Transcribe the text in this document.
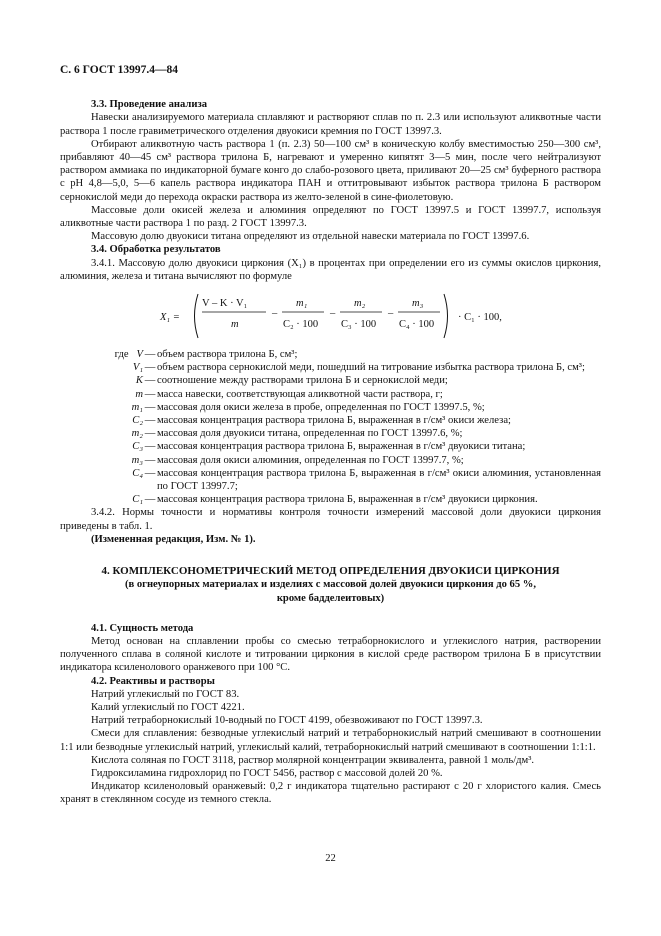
С. 6 ГОСТ 13997.4—84

3.3. Проведение анализа

Навески анализируемого материала сплавляют и растворяют сплав по п. 2.3 или используют аликвотные части раствора 1 после гравиметрического отделения двуокиси кремния по ГОСТ 13997.3.

Отбирают аликвотную часть раствора 1 (п. 2.3) 50—100 см³ в коническую колбу вместимостью 250—300 см³, прибавляют 40—45 см³ раствора трилона Б, нагревают и умеренно кипятят 3—5 мин, после чего нейтрализуют раствором аммиака по индикаторной бумаге конго до слабо-розового цвета, приливают 20—25 см³ буферного раствора с рН 4,8—5,0, 5—6 капель раствора индикатора ПАН и оттитровывают избыток раствора трилона Б раствором сернокислой меди до перехода окраски раствора из желто-зеленой в сине-фиолетовую.

Массовые доли окисей железа и алюминия определяют по ГОСТ 13997.5 и ГОСТ 13997.7, используя аликвотные части раствора 1 по разд. 2 ГОСТ 13997.3.

Массовую долю двуокиси титана определяют из отдельной навески материала по ГОСТ 13997.6.

3.4. Обработка результатов

3.4.1. Массовую долю двуокиси циркония (X₁) в процентах при определении его из суммы окислов циркония, алюминия, железа и титана вычисляют по формуле

X₁ =
V – K · V₁
m
–
m₁
C₂ · 100
–
m₂
C₃ · 100
–
m₃
C₄ · 100
· C₁ · 100,
где V — объем раствора трилона Б, см³;
V₁ — объем раствора сернокислой меди, пошедший на титрование избытка раствора трилона Б, см³;
K — соотношение между растворами трилона Б и сернокислой меди;
m — масса навески, соответствующая аликвотной части раствора, г;
m₁ — массовая доля окиси железа в пробе, определенная по ГОСТ 13997.5, %;
C₂ — массовая концентрация раствора трилона Б, выраженная в г/см³ окиси железа;
m₂ — массовая доля двуокиси титана, определенная по ГОСТ 13997.6, %;
C₃ — массовая концентрация раствора трилона Б, выраженная в г/см³ двуокиси титана;
m₃ — массовая доля окиси алюминия, определенная по ГОСТ 13997.7, %;
C₄ — массовая концентрация раствора трилона Б, выраженная в г/см³ окиси алюминия, установленная по ГОСТ 13997.7;
C₁ — массовая концентрация раствора трилона Б, выраженная в г/см³ двуокиси циркония.

3.4.2. Нормы точности и нормативы контроля точности измерений массовой доли двуокиси циркония приведены в табл. 1.

(Измененная редакция, Изм. № 1).

4. КОМПЛЕКСОНОМЕТРИЧЕСКИЙ МЕТОД ОПРЕДЕЛЕНИЯ ДВУОКИСИ ЦИРКОНИЯ
(в огнеупорных материалах и изделиях с массовой долей двуокиси циркония до 65 %,
кроме бадделеитовых)

4.1. Сущность метода

Метод основан на сплавлении пробы со смесью тетраборнокислого и углекислого натрия, растворении полученного сплава в соляной кислоте и титровании циркония в кислой среде раствором трилона Б в присутствии индикатора ксиленолового оранжевого при 100 °С.

4.2. Реактивы и растворы

Натрий углекислый по ГОСТ 83.

Калий углекислый по ГОСТ 4221.

Натрий тетраборнокислый 10-водный по ГОСТ 4199, обезвоживают по ГОСТ 13997.3.

Смеси для сплавления: безводные углекислый натрий и тетраборнокислый натрий смешивают в соотношении 1:1 или безводные углекислый натрий, углекислый калий, тетраборнокислый натрий смешивают в соотношении 1:1:1.

Кислота соляная по ГОСТ 3118, раствор молярной концентрации эквивалента, равной 1 моль/дм³.

Гидроксиламина гидрохлорид по ГОСТ 5456, раствор с массовой долей 20 %.

Индикатор ксиленоловый оранжевый: 0,2 г индикатора тщательно растирают с 20 г хлористого калия. Смесь хранят в стеклянном сосуде из темного стекла.

22
